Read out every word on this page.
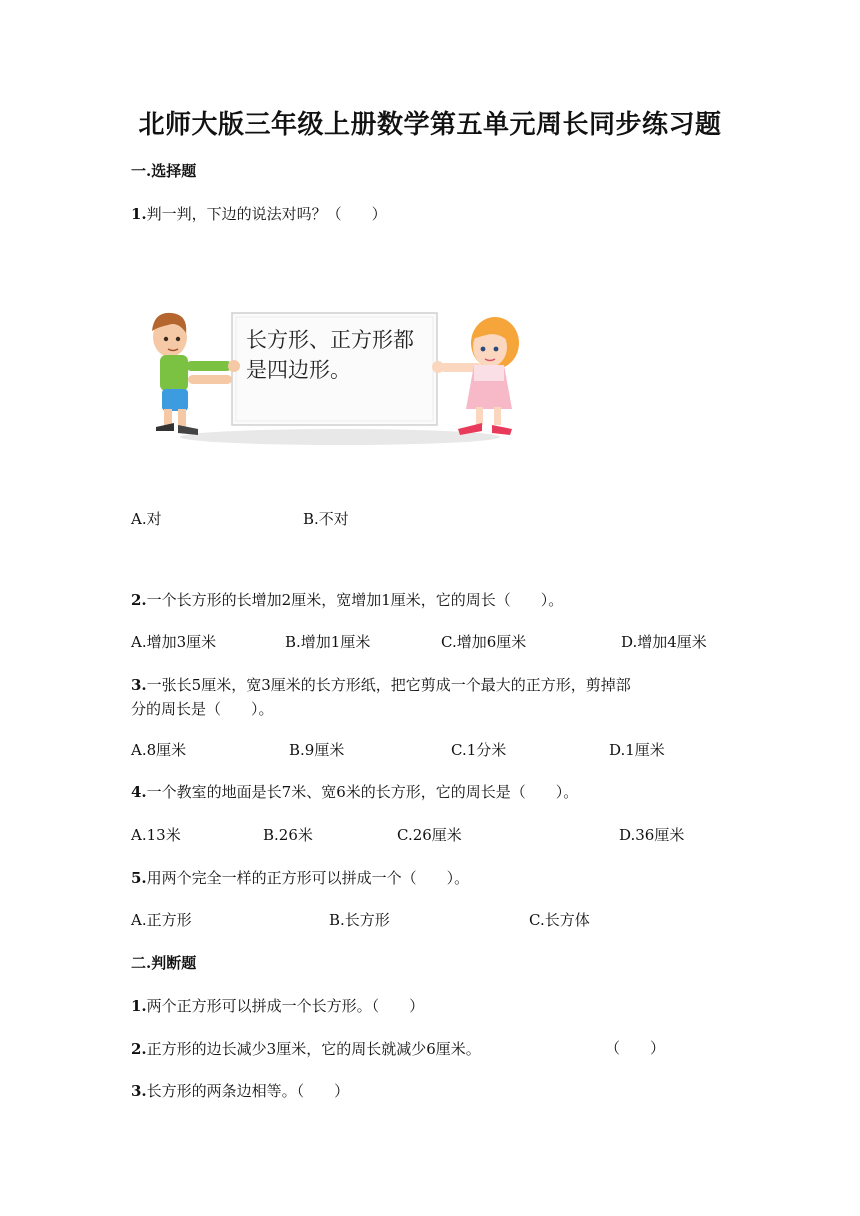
北师大版三年级上册数学第五单元周长同步练习题
一.选择题
1.判一判，下边的说法对吗？（　　）
长方形、正方形都
是四边形。
A.对	B.不对
2.一个长方形的长增加2厘米，宽增加1厘米，它的周长（　　）。
A.增加3厘米	B.增加1厘米	C.增加6厘米	D.增加4厘米
3.一张长5厘米，宽3厘米的长方形纸，把它剪成一个最大的正方形，剪掉部
分的周长是（　　）。
A.8厘米	B.9厘米	C.1分米	D.1厘米
4.一个教室的地面是长7米、宽6米的长方形，它的周长是（　　）。
A.13米	B.26米	C.26厘米	D.36厘米
5.用两个完全一样的正方形可以拼成一个（　　）。
A.正方形	B.长方形	C.长方体
二.判断题
1.两个正方形可以拼成一个长方形。（　　）
2.正方形的边长减少3厘米，它的周长就减少6厘米。	（　　）
3.长方形的两条边相等。（　　）
